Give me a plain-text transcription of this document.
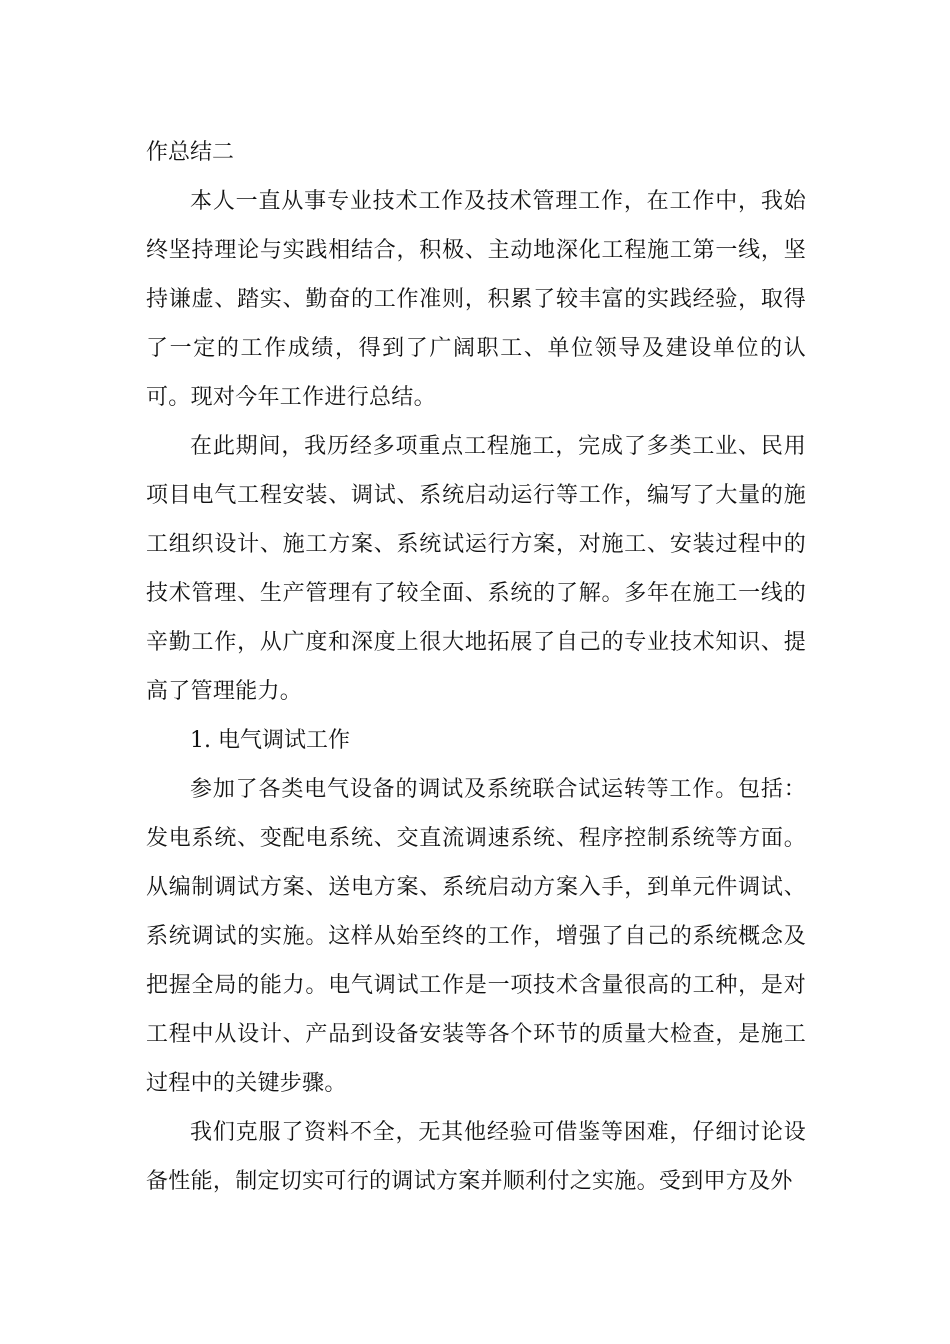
作总结二

本人一直从事专业技术工作及技术管理工作，在工作中，我始终坚持理论与实践相结合，积极、主动地深化工程施工第一线，坚持谦虚、踏实、勤奋的工作准则，积累了较丰富的实践经验，取得了一定的工作成绩，得到了广阔职工、单位领导及建设单位的认可。现对今年工作进行总结。

在此期间，我历经多项重点工程施工，完成了多类工业、民用项目电气工程安装、调试、系统启动运行等工作，编写了大量的施工组织设计、施工方案、系统试运行方案，对施工、安装过程中的技术管理、生产管理有了较全面、系统的了解。多年在施工一线的辛勤工作，从广度和深度上很大地拓展了自己的专业技术知识、提高了管理能力。

1. 电气调试工作

参加了各类电气设备的调试及系统联合试运转等工作。包括：发电系统、变配电系统、交直流调速系统、程序控制系统等方面。从编制调试方案、送电方案、系统启动方案入手，到单元件调试、系统调试的实施。这样从始至终的工作，增强了自己的系统概念及把握全局的能力。电气调试工作是一项技术含量很高的工种，是对工程中从设计、产品到设备安装等各个环节的质量大检查，是施工过程中的关键步骤。

我们克服了资料不全，无其他经验可借鉴等困难，仔细讨论设备性能，制定切实可行的调试方案并顺利付之实施。受到甲方及外
